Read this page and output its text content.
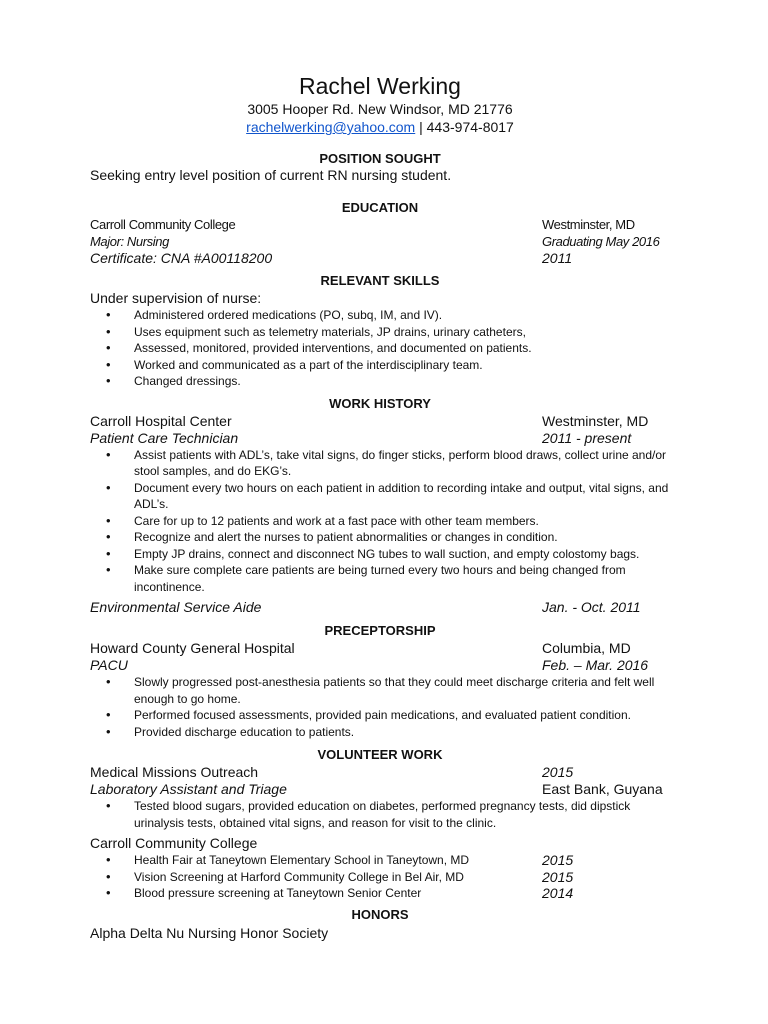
Rachel Werking
3005 Hooper Rd. New Windsor, MD 21776
rachelwerking@yahoo.com | 443-974-8017
POSITION SOUGHT
Seeking entry level position of current RN nursing student.
EDUCATION
Carroll Community College	Westminster, MD
Major: Nursing	Graduating May 2016
Certificate: CNA #A00118200	2011
RELEVANT SKILLS
Under supervision of nurse:
• Administered ordered medications (PO, subq, IM, and IV).
• Uses equipment such as telemetry materials, JP drains, urinary catheters,
• Assessed, monitored, provided interventions, and documented on patients.
• Worked and communicated as a part of the interdisciplinary team.
• Changed dressings.
WORK HISTORY
Carroll Hospital Center	Westminster, MD
Patient Care Technician	2011 - present
• Assist patients with ADL’s, take vital signs, do finger sticks, perform blood draws, collect urine and/or stool samples, and do EKG’s.
• Document every two hours on each patient in addition to recording intake and output, vital signs, and ADL’s.
• Care for up to 12 patients and work at a fast pace with other team members.
• Recognize and alert the nurses to patient abnormalities or changes in condition.
• Empty JP drains, connect and disconnect NG tubes to wall suction, and empty colostomy bags.
• Make sure complete care patients are being turned every two hours and being changed from incontinence.
Environmental Service Aide	Jan. - Oct. 2011
PRECEPTORSHIP
Howard County General Hospital	Columbia, MD
PACU	Feb. – Mar. 2016
• Slowly progressed post-anesthesia patients so that they could meet discharge criteria and felt well enough to go home.
• Performed focused assessments, provided pain medications, and evaluated patient condition.
• Provided discharge education to patients.
VOLUNTEER WORK
Medical Missions Outreach	2015
Laboratory Assistant and Triage	East Bank, Guyana
• Tested blood sugars, provided education on diabetes, performed pregnancy tests, did dipstick urinalysis tests, obtained vital signs, and reason for visit to the clinic.
Carroll Community College
• Health Fair at Taneytown Elementary School in Taneytown, MD	2015
• Vision Screening at Harford Community College in Bel Air, MD	2015
• Blood pressure screening at Taneytown Senior Center	2014
HONORS
Alpha Delta Nu Nursing Honor Society
